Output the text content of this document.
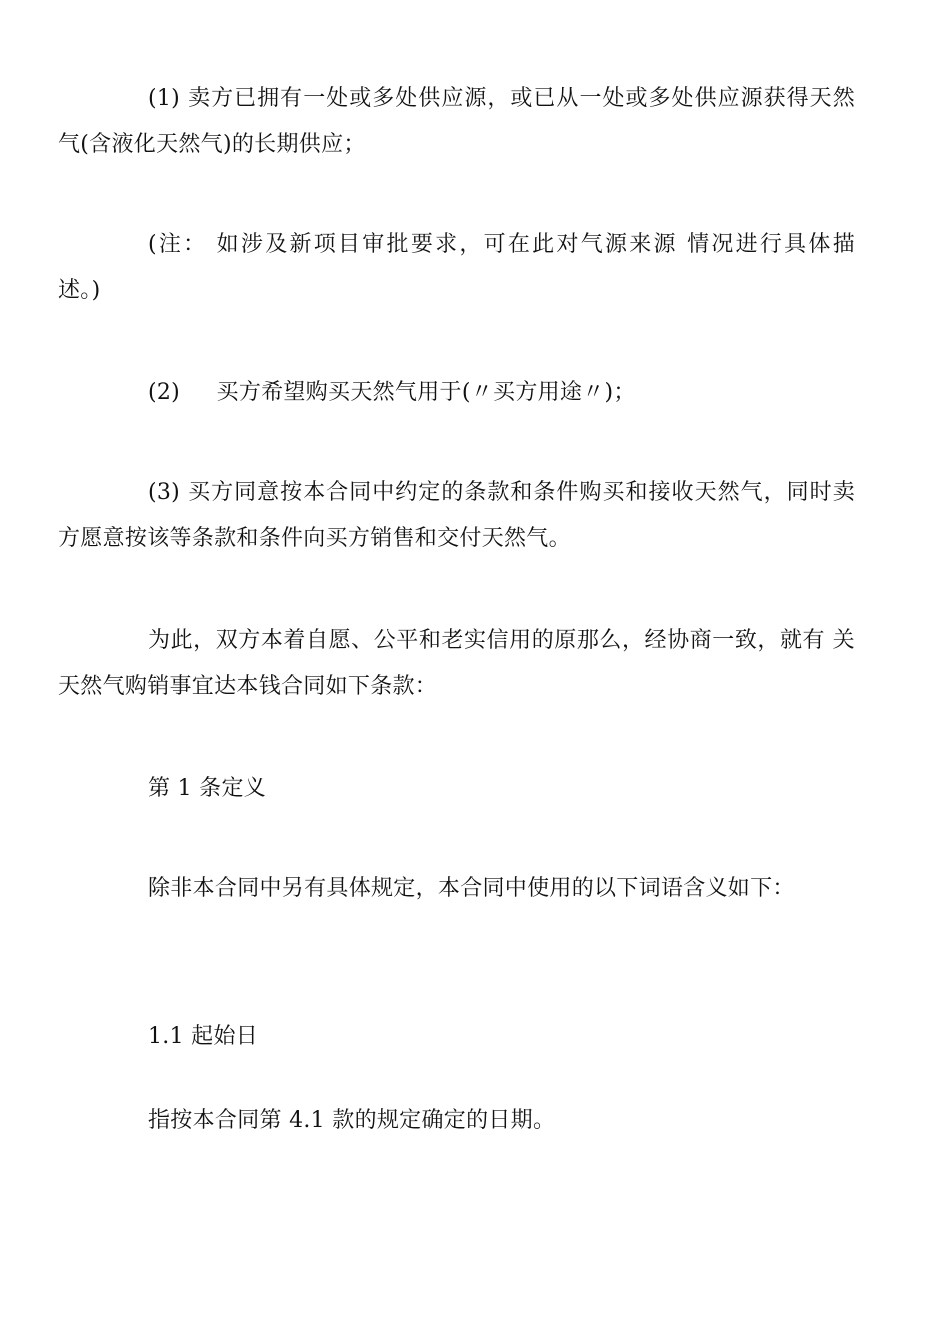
(1) 卖方已拥有一处或多处供应源，或已从一处或多处供应源获得天然
气(含液化天然气)的长期供应；

(注： 如涉及新项目审批要求，可在此对气源来源 情况进行具体描
述。)

(2)     买方希望购买天然气用于(〃买方用途〃)；

(3) 买方同意按本合同中约定的条款和条件购买和接收天然气，同时卖
方愿意按该等条款和条件向买方销售和交付天然气。

为此，双方本着自愿、公平和老实信用的原那么，经协商一致，就有 关
天然气购销事宜达本钱合同如下条款：

第 1 条定义

除非本合同中另有具体规定，本合同中使用的以下词语含义如下：

1.1 起始日

指按本合同第 4.1 款的规定确定的日期。
